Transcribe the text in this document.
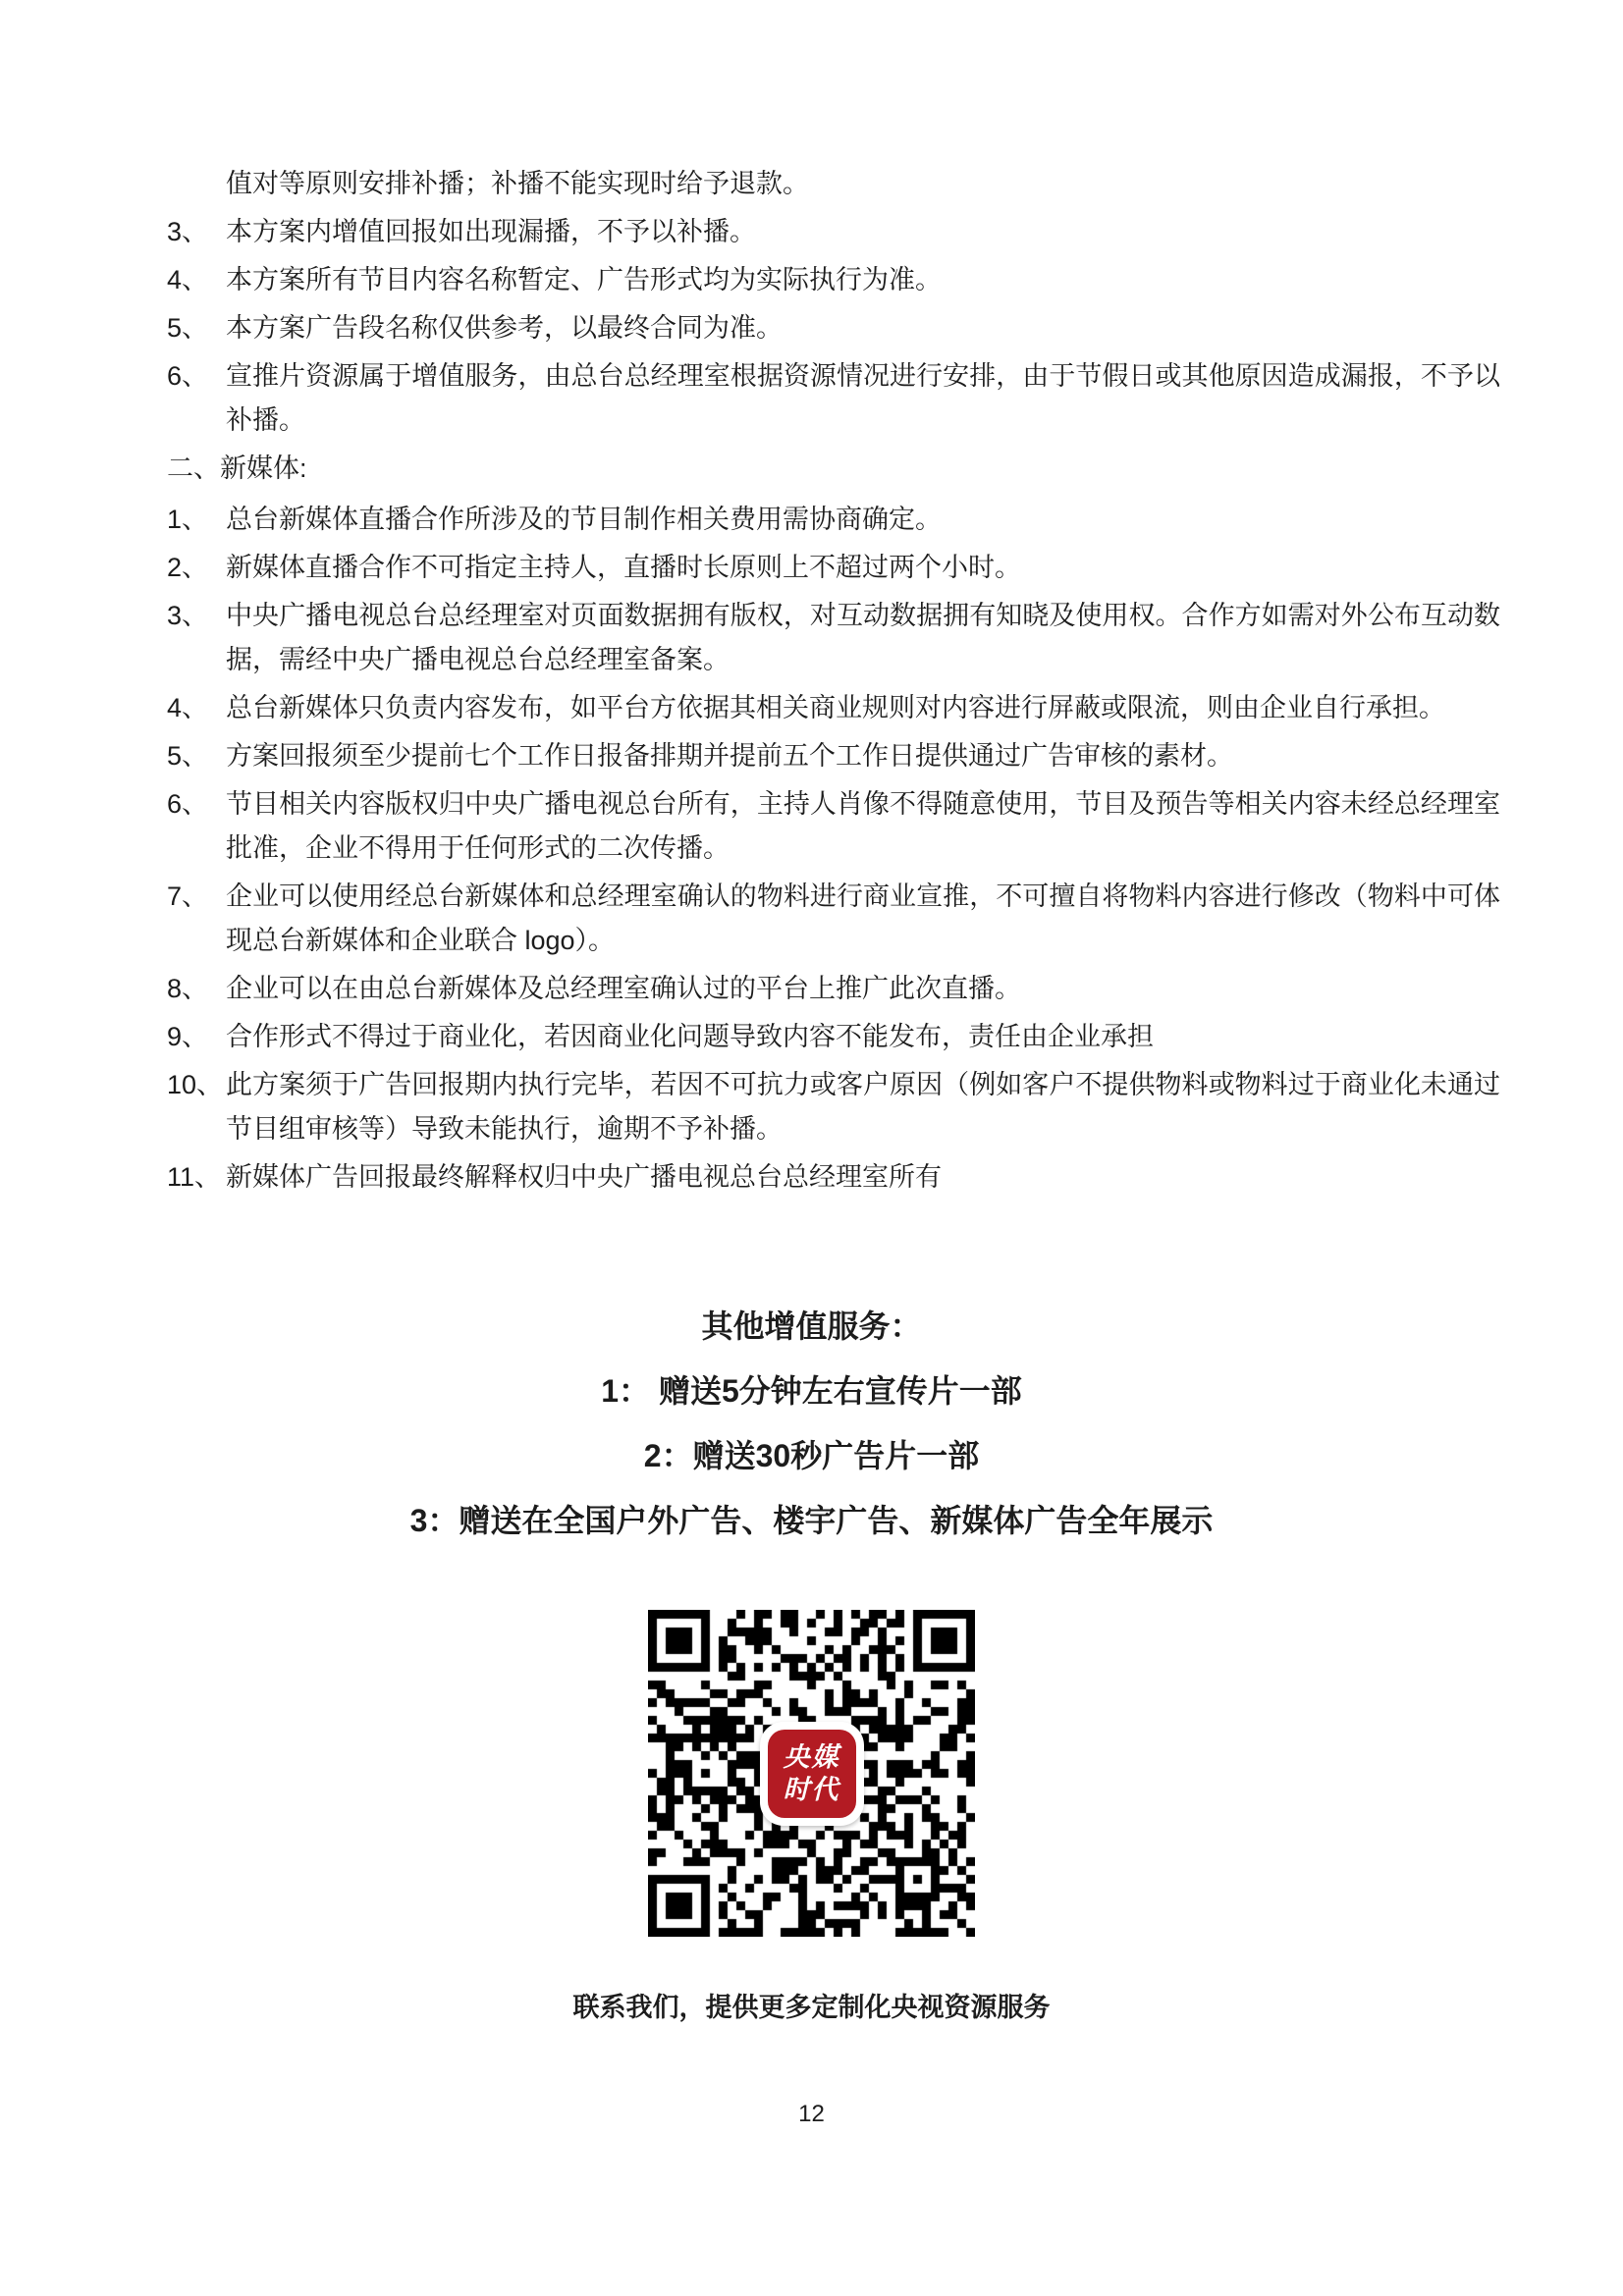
值对等原则安排补播；补播不能实现时给予退款。
3、 本方案内增值回报如出现漏播，不予以补播。
4、 本方案所有节目内容名称暂定、广告形式均为实际执行为准。
5、 本方案广告段名称仅供参考，以最终合同为准。
6、 宣推片资源属于增值服务，由总台总经理室根据资源情况进行安排，由于节假日或其他原因造成漏报，不予以补播。
二、新媒体:
1、 总台新媒体直播合作所涉及的节目制作相关费用需协商确定。
2、 新媒体直播合作不可指定主持人，直播时长原则上不超过两个小时。
3、 中央广播电视总台总经理室对页面数据拥有版权，对互动数据拥有知晓及使用权。合作方如需对外公布互动数据，需经中央广播电视总台总经理室备案。
4、 总台新媒体只负责内容发布，如平台方依据其相关商业规则对内容进行屏蔽或限流，则由企业自行承担。
5、 方案回报须至少提前七个工作日报备排期并提前五个工作日提供通过广告审核的素材。
6、 节目相关内容版权归中央广播电视总台所有，主持人肖像不得随意使用，节目及预告等相关内容未经总经理室批准，企业不得用于任何形式的二次传播。
7、 企业可以使用经总台新媒体和总经理室确认的物料进行商业宣推，不可擅自将物料内容进行修改（物料中可体现总台新媒体和企业联合 logo）。
8、 企业可以在由总台新媒体及总经理室确认过的平台上推广此次直播。
9、 合作形式不得过于商业化，若因商业化问题导致内容不能发布，责任由企业承担
10、 此方案须于广告回报期内执行完毕，若因不可抗力或客户原因（例如客户不提供物料或物料过于商业化未通过节目组审核等）导致未能执行，逾期不予补播。
11、 新媒体广告回报最终解释权归中央广播电视总台总经理室所有
其他增值服务：
1： 赠送5分钟左右宣传片一部
2：赠送30秒广告片一部
3：赠送在全国户外广告、楼宇广告、新媒体广告全年展示
央媒
时代
联系我们，提供更多定制化央视资源服务
12
